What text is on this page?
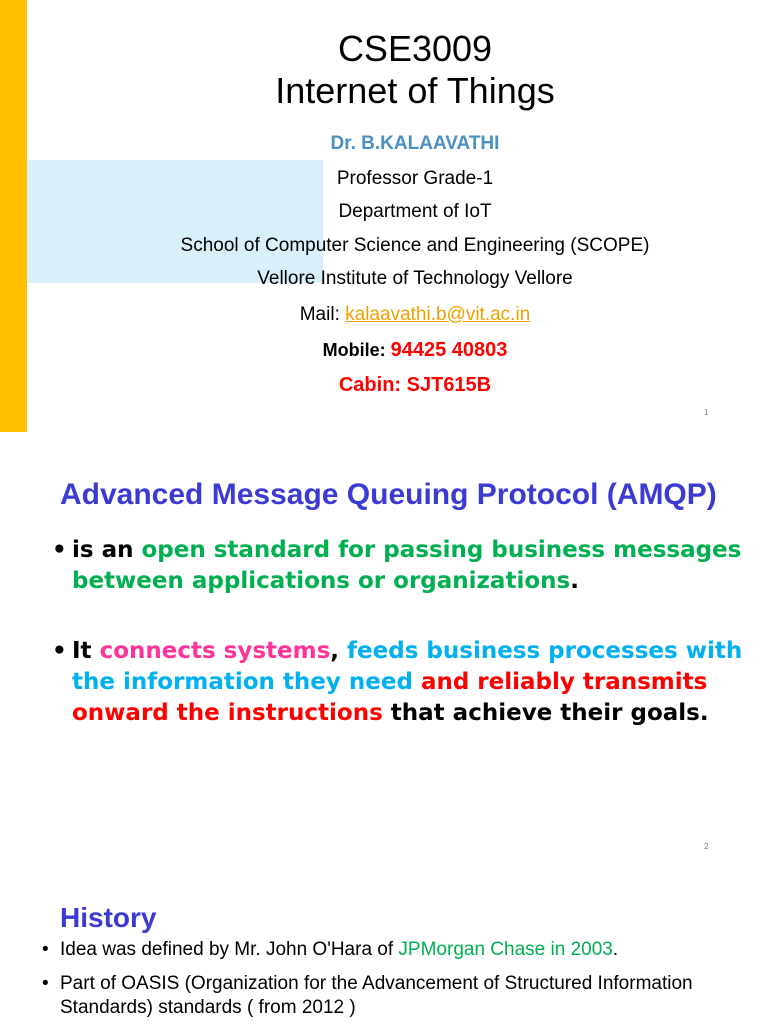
CSE3009
Internet of Things
Dr. B.KALAAVATHI
Professor Grade-1
Department of IoT
School of Computer Science and Engineering (SCOPE)
Vellore Institute of Technology Vellore
Mail: kalaavathi.b@vit.ac.in
Mobile: 94425 40803
Cabin: SJT615B
1
Advanced Message Queuing Protocol (AMQP)
• is an open standard for passing business messages between applications or organizations.
• It connects systems, feeds business processes with the information they need and reliably transmits onward the instructions that achieve their goals.
2
History
• Idea was defined by Mr. John O'Hara of JPMorgan Chase in 2003.
• Part of OASIS (Organization for the Advancement of Structured Information Standards) standards ( from 2012 )
